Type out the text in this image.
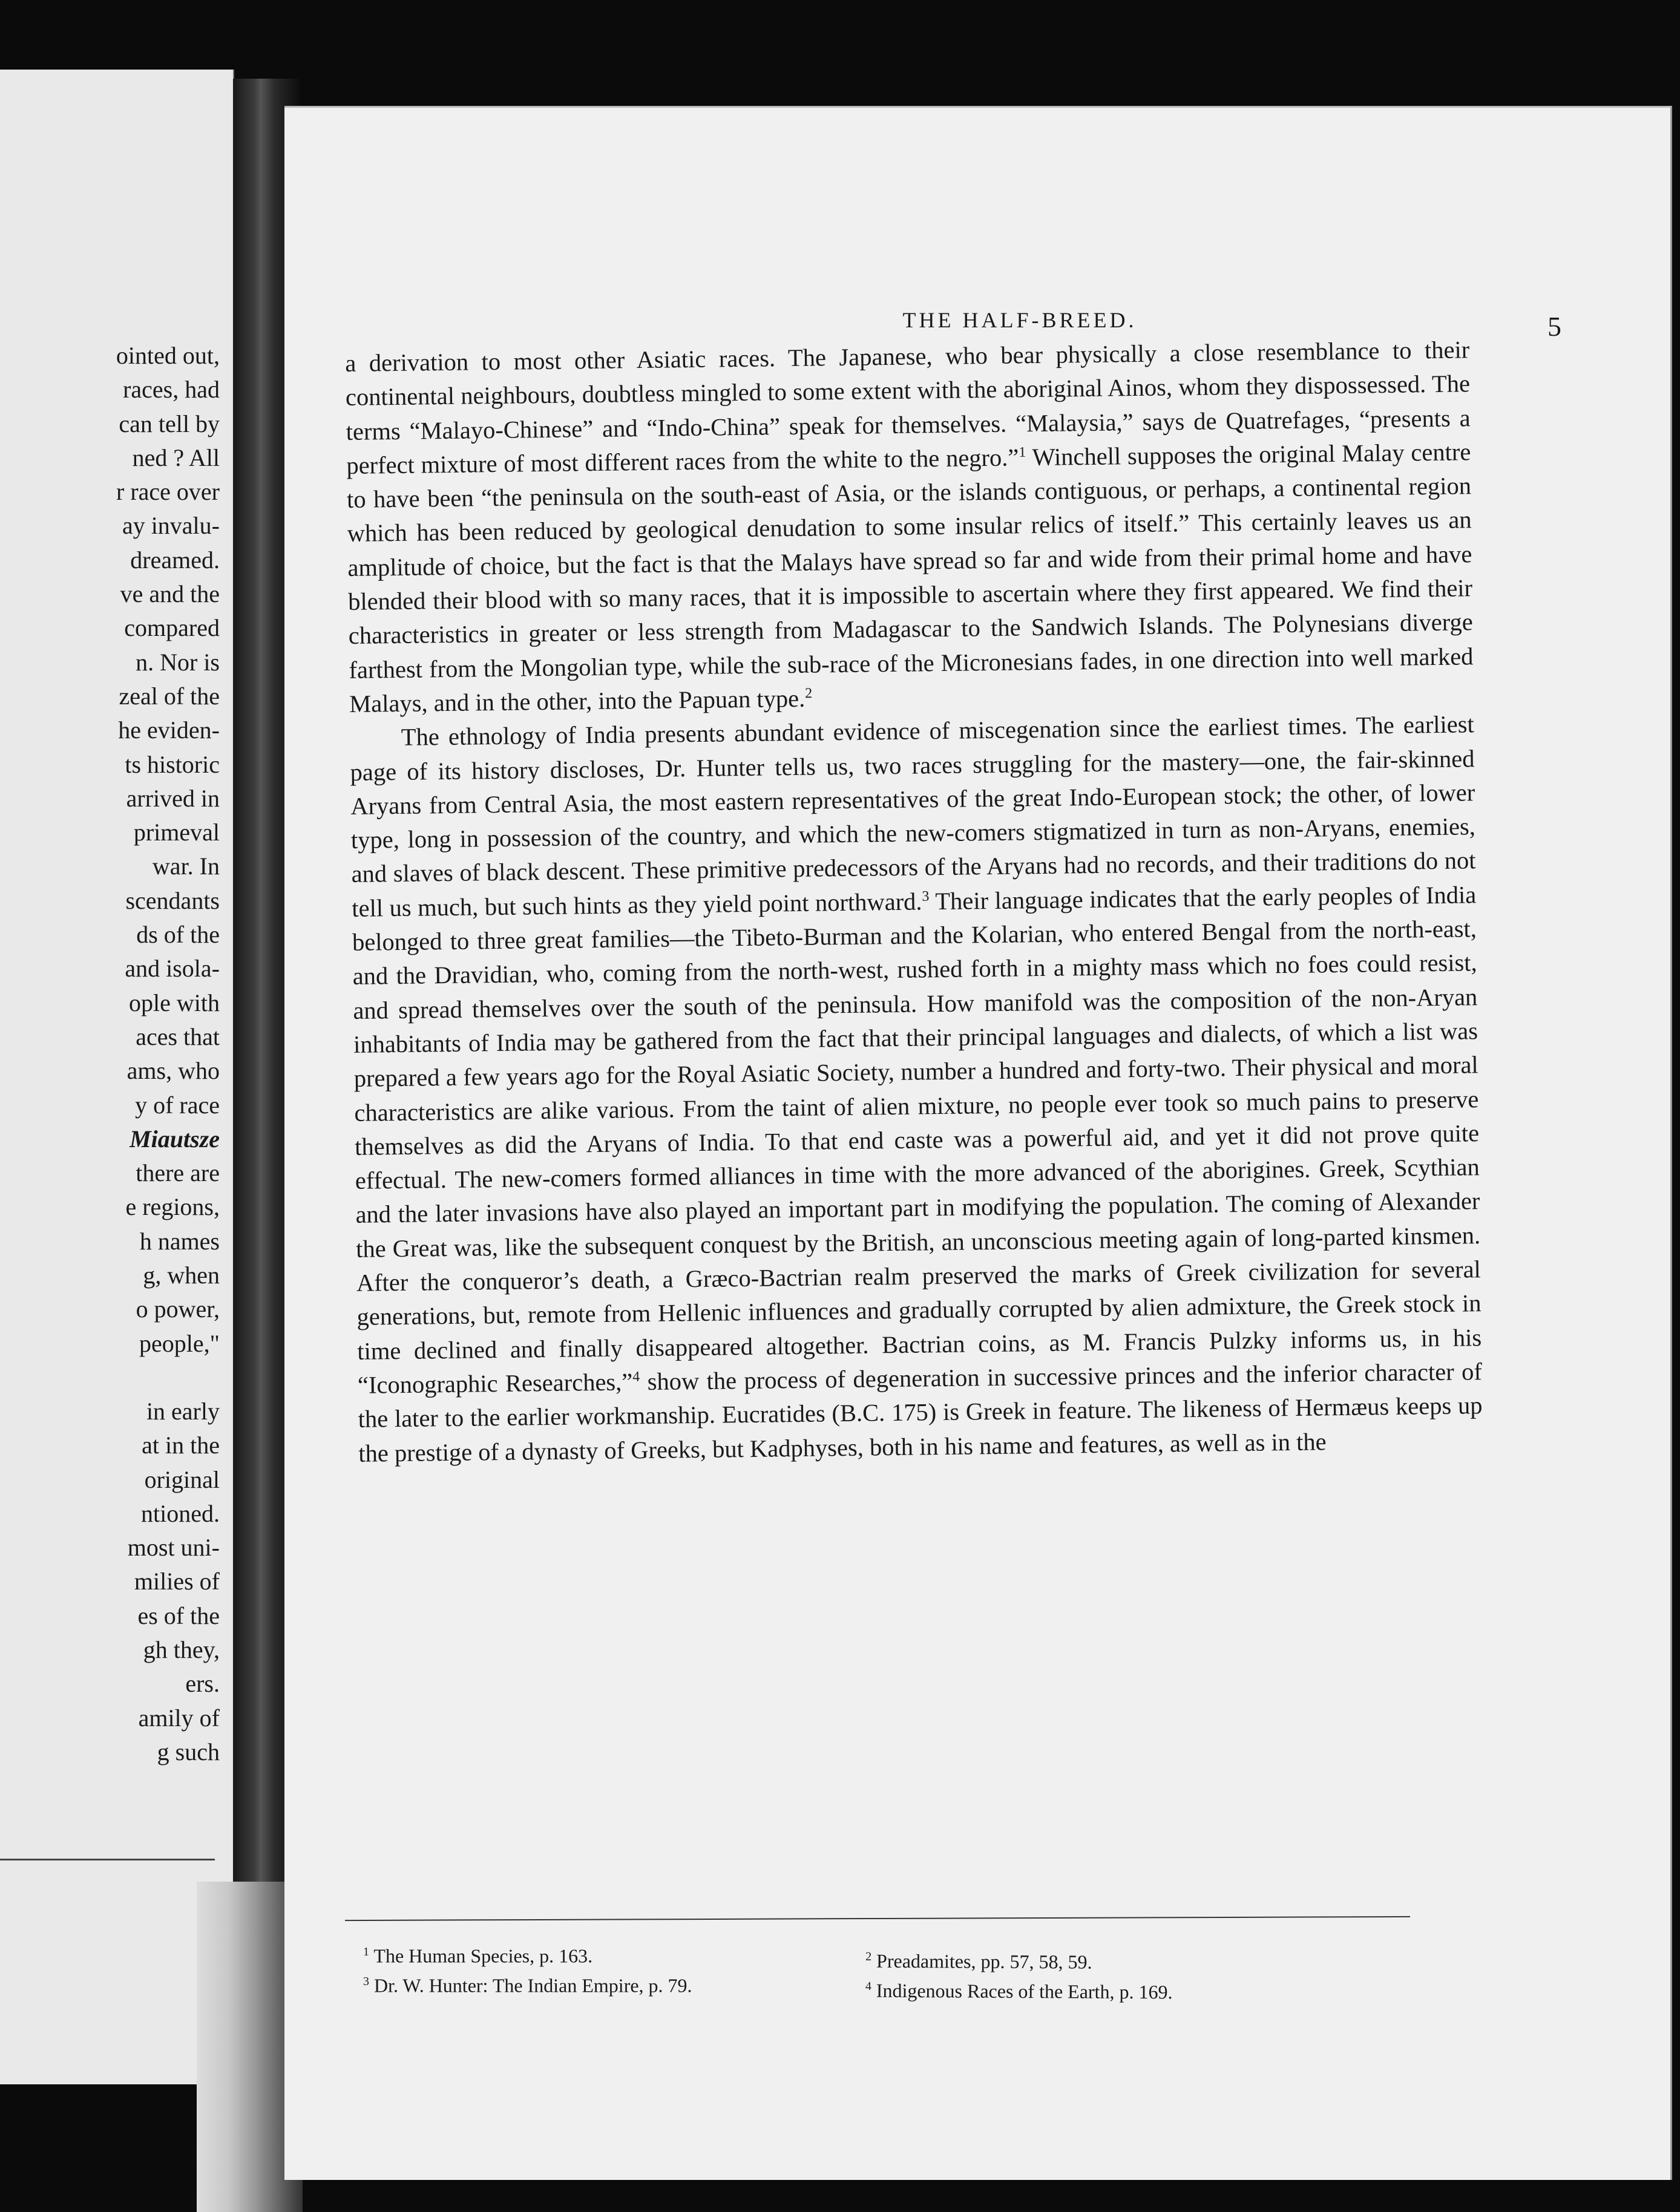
ointed out,
races, had
can tell by
ned ? All
r race over
ay invalu-
dreamed.
ve and the
compared
n. Nor is
zeal of the
he eviden-
ts historic
arrived in
primeval
war. In
scendants
ds of the
and isola-
ople with
aces that
ams, who
y of race
Miautsze
there are
e regions,
h names
g, when
o power,
people,"
in early
at in the
original
ntioned.
most uni-
milies of
es of the
gh they,
ers.
amily of
g such
THE HALF-BREED.	5

a derivation to most other Asiatic races. The Japanese, who bear physically a close resemblance to their continental neighbours, doubtless mingled to some extent with the aboriginal Ainos, whom they dispossessed. The terms “Malayo-Chinese” and “Indo-China” speak for themselves. “Malaysia,” says de Quatrefages, “presents a perfect mixture of most different races from the white to the negro.”$^1$ Winchell supposes the original Malay centre to have been “the peninsula on the south-east of Asia, or the islands contiguous, or perhaps, a continental region which has been reduced by geological denudation to some insular relics of itself.” This certainly leaves us an amplitude of choice, but the fact is that the Malays have spread so far and wide from their primal home and have blended their blood with so many races, that it is impossible to ascertain where they first appeared. We find their characteristics in greater or less strength from Madagascar to the Sandwich Islands. The Polynesians diverge farthest from the Mongolian type, while the sub-race of the Micronesians fades, in one direction into well marked Malays, and in the other, into the Papuan type.$^2$

The ethnology of India presents abundant evidence of miscegenation since the earliest times. The earliest page of its history discloses, Dr. Hunter tells us, two races struggling for the mastery—one, the fair-skinned Aryans from Central Asia, the most eastern representatives of the great Indo-European stock; the other, of lower type, long in possession of the country, and which the new-comers stigmatized in turn as non-Aryans, enemies, and slaves of black descent. These primitive predecessors of the Aryans had no records, and their traditions do not tell us much, but such hints as they yield point northward.$^3$ Their language indicates that the early peoples of India belonged to three great families—the Tibeto-Burman and the Kolarian, who entered Bengal from the north-east, and the Dravidian, who, coming from the north-west, rushed forth in a mighty mass which no foes could resist, and spread themselves over the south of the peninsula. How manifold was the composition of the non-Aryan inhabitants of India may be gathered from the fact that their principal languages and dialects, of which a list was prepared a few years ago for the Royal Asiatic Society, number a hundred and forty-two. Their physical and moral characteristics are alike various. From the taint of alien mixture, no people ever took so much pains to preserve themselves as did the Aryans of India. To that end caste was a powerful aid, and yet it did not prove quite effectual. The new-comers formed alliances in time with the more advanced of the aborigines. Greek, Scythian and the later invasions have also played an important part in modifying the population. The coming of Alexander the Great was, like the subsequent conquest by the British, an unconscious meeting again of long-parted kinsmen. After the conqueror’s death, a Græco-Bactrian realm preserved the marks of Greek civilization for several generations, but, remote from Hellenic influences and gradually corrupted by alien admixture, the Greek stock in time declined and finally disappeared altogether. Bactrian coins, as M. Francis Pulzky informs us, in his “Iconographic Researches,”$^4$ show the process of degeneration in successive princes and the inferior character of the later to the earlier workmanship. Eucratides (B.C. 175) is Greek in feature. The likeness of Hermæus keeps up the prestige of a dynasty of Greeks, but Kadphyses, both in his name and features, as well as in the

$^1$ The Human Species, p. 163.
$^3$ Dr. W. Hunter: The Indian Empire, p. 79.
$^2$ Preadamites, pp. 57, 58, 59.
$^4$ Indigenous Races of the Earth, p. 169.
